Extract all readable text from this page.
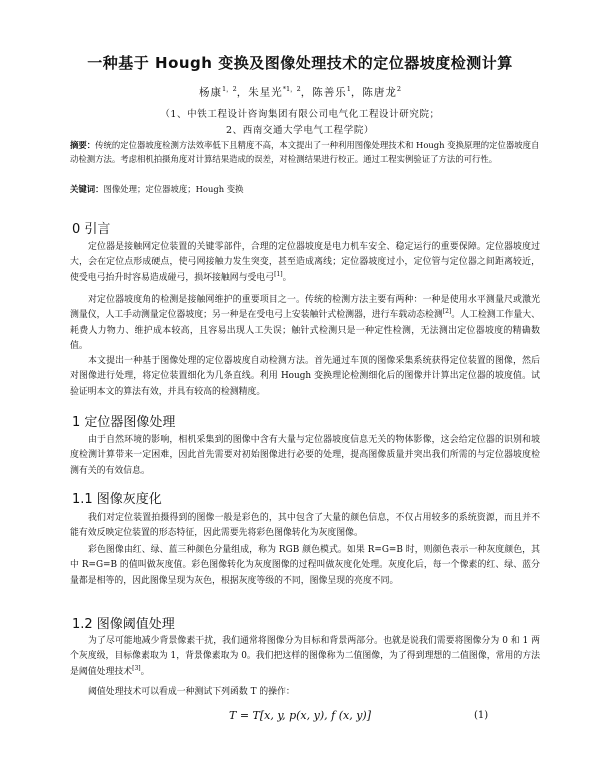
一种基于 Hough 变换及图像处理技术的定位器坡度检测计算
杨康$^{1,2}$，朱星光$^{*1,2}$，陈善乐$^1$，陈唐龙$^2$
（1、中铁工程设计咨询集团有限公司电气化工程设计研究院；
2、西南交通大学电气工程学院）
摘要：传统的定位器坡度检测方法效率低下且精度不高，本文提出了一种利用图像处理技术和 Hough 变换原理的定位器坡度自动检测方法。考虑相机拍摄角度对计算结果造成的误差，对检测结果进行校正。通过工程实例验证了方法的可行性。
关键词：图像处理；定位器坡度；Hough 变换
0 引言

定位器是接触网定位装置的关键零部件，合理的定位器坡度是电力机车安全、稳定运行的重要保障。定位器坡度过大，会在定位点形成硬点，使弓网接触力发生突变，甚至造成离线；定位器坡度过小，定位管与定位器之间距离较近，使受电弓抬升时容易造成碰弓，损坏接触网与受电弓[1]。

对定位器坡度角的检测是接触网维护的重要项目之一。传统的检测方法主要有两种：一种是使用水平测量尺或激光测量仪，人工手动测量定位器坡度；另一种是在受电弓上安装触针式检测器，进行车载动态检测[2]。人工检测工作量大、耗费人力物力、维护成本较高，且容易出现人工失误；触针式检测只是一种定性检测，无法测出定位器坡度的精确数值。

本文提出一种基于图像处理的定位器坡度自动检测方法。首先通过车顶的图像采集系统获得定位装置的图像，然后对图像进行处理，将定位装置细化为几条直线。利用 Hough 变换理论检测细化后的图像并计算出定位器的坡度值。试验证明本文的算法有效，并具有较高的检测精度。

1 定位器图像处理

由于自然环境的影响，相机采集到的图像中含有大量与定位器坡度信息无关的物体影像，这会给定位器的识别和坡度检测计算带来一定困难，因此首先需要对初始图像进行必要的处理，提高图像质量并突出我们所需的与定位器坡度检测有关的有效信息。

1.1 图像灰度化

我们对定位装置拍摄得到的图像一般是彩色的，其中包含了大量的颜色信息，不仅占用较多的系统资源，而且并不能有效反映定位装置的形态特征，因此需要先将彩色图像转化为灰度图像。

彩色图像由红、绿、蓝三种颜色分量组成，称为 RGB 颜色模式。如果 R=G=B 时，则颜色表示一种灰度颜色，其中 R=G=B 的值叫做灰度值。彩色图像转化为灰度图像的过程叫做灰度化处理。灰度化后，每一个像素的红、绿、蓝分量都是相等的，因此图像呈现为灰色，根据灰度等级的不同，图像呈现的亮度不同。

1.2 图像阈值处理

为了尽可能地减少背景像素干扰，我们通常将图像分为目标和背景两部分。也就是说我们需要将图像分为 0 和 1 两个灰度级，目标像素取为 1，背景像素取为 0。我们把这样的图像称为二值图像，为了得到理想的二值图像，常用的方法是阈值处理技术[3]。

阈值处理技术可以看成一种测试下列函数 T 的操作：

T = T[x, y, p(x, y), f (x, y)]	(1)
